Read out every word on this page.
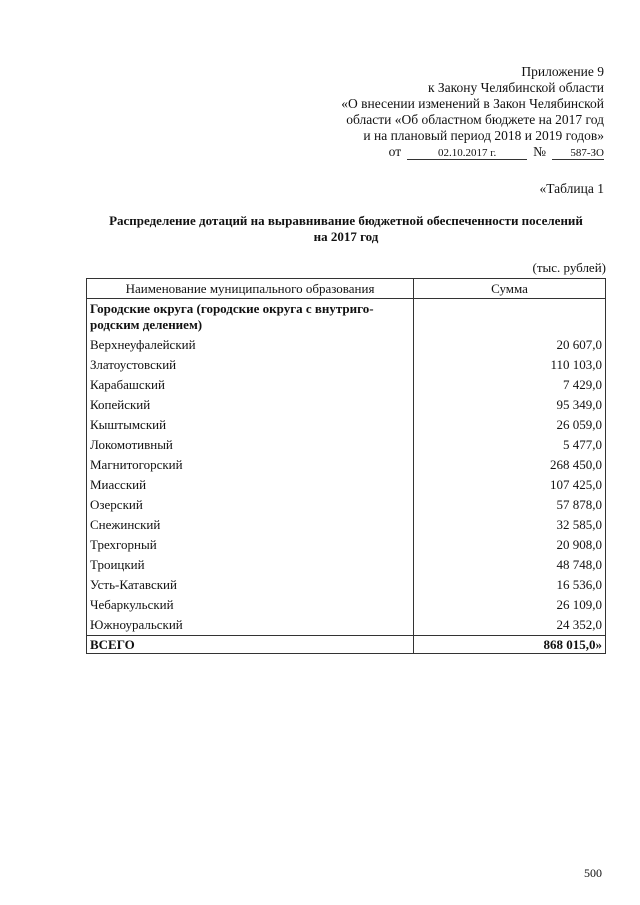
Приложение 9
к Закону Челябинской области
«О внесении изменений в Закон Челябинской
области «Об областном бюджете на 2017 год
и на плановый период 2018 и 2019 годов»
от	02.10.2017 г.	№	587-ЗО
«Таблица 1
Распределение дотаций на выравнивание бюджетной обеспеченности поселений
на 2017 год
(тыс. рублей)
Наименование муниципального образования	Сумма

Городские округа (городские округа с внутриго-
родским делением)	

Верхнеуфалейский	20 607,0
Златоустовский	110 103,0
Карабашский	7 429,0
Копейский	95 349,0
Кыштымский	26 059,0
Локомотивный	5 477,0
Магнитогорский	268 450,0
Миасский	107 425,0
Озерский	57 878,0
Снежинский	32 585,0
Трехгорный	20 908,0
Троицкий	48 748,0
Усть-Катавский	16 536,0
Чебаркульский	26 109,0
Южноуральский	24 352,0
ВСЕГО	868 015,0»
500
